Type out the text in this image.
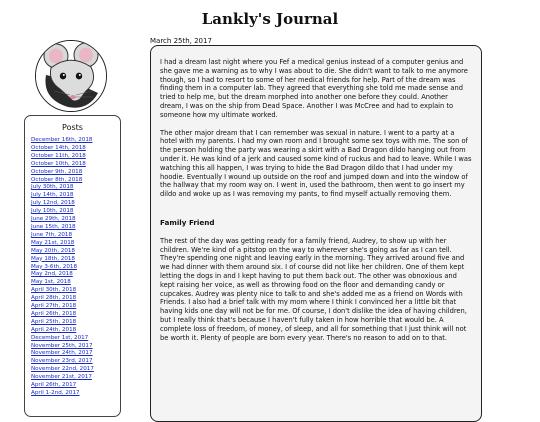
Lankly's Journal
Posts
December 16th, 2018
October 14th, 2018
October 11th, 2018
October 10th, 2018
October 9th, 2018
October 8th, 2018
July 30th, 2018
July 14th, 2018
July 12nd, 2018
July 10th, 2018
June 29th, 2018
June 15th, 2018
June 7th, 2018
May 21st, 2018
May 20th, 2018
May 18th, 2018
May 3-6th, 2018
May 2nd, 2018
May 1st, 2018
April 30th, 2018
April 28th, 2018
April 27th, 2018
April 26th, 2018
April 25th, 2018
April 24th, 2018
December 1st, 2017
November 25th, 2017
November 24th, 2017
November 23rd, 2017
November 22nd, 2017
November 21st, 2017
April 26th, 2017
April 1-2nd, 2017
March 25th, 2017

I had a dream last night where you Fef a medical genius instead of a computer genius and she gave me a warning as to why I was about to die. She didn't want to talk to me anymore though, so I had to resort to some of her medical friends for help. Part of the dream was finding them in a computer lab. They agreed that everything she told me made sense and tried to help me, but the dream morphed into another one before they could. Another dream, I was on the ship from Dead Space. Another I was McCree and had to explain to someone how my ultimate worked.

The other major dream that I can remember was sexual in nature. I went to a party at a hotel with my parents. I had my own room and I brought some sex toys with me. The son of the person holding the party was wearing a skirt with a Bad Dragon dildo hanging out from under it. He was kind of a jerk and caused some kind of ruckus and had to leave. While I was watching this all happen, I was trying to hide the Bad Dragon dildo that I had under my hoodie. Eventually I wound up outside on the roof and jumped down and into the window of the hallway that my room way on. I went in, used the bathroom, then went to go insert my dildo and woke up as I was removing my pants, to find myself actually removing them.

Family Friend

The rest of the day was getting ready for a family friend, Audrey, to show up with her children. We're kind of a pitstop on the way to wherever she's going as far as I can tell. They're spending one night and leaving early in the morning. They arrived around five and we had dinner with them around six. I of course did not like her children. One of them kept letting the dogs in and I kept having to put them back out. The other was obnoxious and kept raising her voice, as well as throwing food on the floor and demanding candy or cupcakes. Audrey was plenty nice to talk to and she's added me as a friend on Words with Friends. I also had a brief talk with my mom where I think I convinced her a little bit that having kids one day will not be for me. Of course, I don't dislike the idea of having children, but I really think that's because I haven't fully taken in how horrible that would be. A complete loss of freedom, of money, of sleep, and all for something that I just think will not be worth it. Plenty of people are born every year. There's no reason to add on to that.
